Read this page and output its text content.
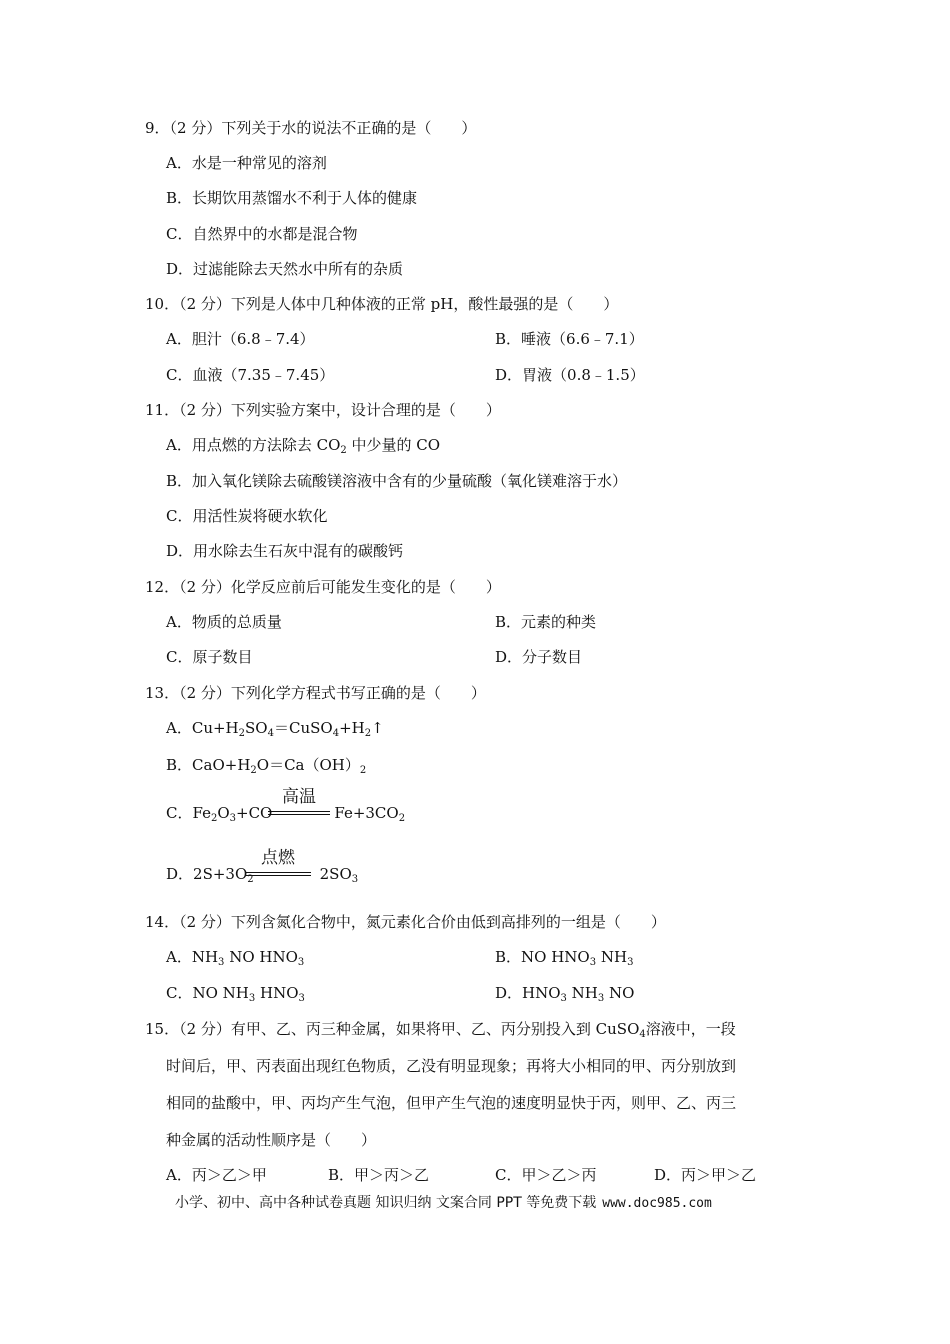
9．（2 分）下列关于水的说法不正确的是（　　）
A．水是一种常见的溶剂
B．长期饮用蒸馏水不利于人体的健康
C．自然界中的水都是混合物
D．过滤能除去天然水中所有的杂质
10．（2 分）下列是人体中几种体液的正常 pH，酸性最强的是（　　）
A．胆汁（6.8﹣7.4）	B．唾液（6.6﹣7.1）
C．血液（7.35﹣7.45）	D．胃液（0.8﹣1.5）
11．（2 分）下列实验方案中，设计合理的是（　　）
A．用点燃的方法除去 $CO_2$ 中少量的 CO
B．加入氧化镁除去硫酸镁溶液中含有的少量硫酸（氧化镁难溶于水）
C．用活性炭将硬水软化
D．用水除去生石灰中混有的碳酸钙
12．（2 分）化学反应前后可能发生变化的是（　　）
A．物质的总质量	B．元素的种类
C．原子数目	D．分子数目
13．（2 分）下列化学方程式书写正确的是（　　）
A．$Cu+H_2SO_4=CuSO_4+H_2↑$
B．$CaO+H_2O=Ca(OH)_2$
C．$Fe_2O_3+CO$	$Fe+3CO_2$
高温
D．$2S+3O_2$	$2SO_3$
点燃
14．（2 分）下列含氮化合物中，氮元素化合价由低到高排列的一组是（　　）
A．$NH_3$ NO $HNO_3$	B．NO $HNO_3$ $NH_3$
C．NO $NH_3$ $HNO_3$	D．$HNO_3$ $NH_3$ NO
15．（2 分）有甲、乙、丙三种金属，如果将甲、乙、丙分别投入到 CuSO$_4$溶液中，一段
时间后，甲、丙表面出现红色物质，乙没有明显现象；再将大小相同的甲、丙分别放到
相同的盐酸中，甲、丙均产生气泡，但甲产生气泡的速度明显快于丙，则甲、乙、丙三
种金属的活动性顺序是（　　）
A．丙＞乙＞甲	B．甲＞丙＞乙	C．甲＞乙＞丙	D．丙＞甲＞乙
小学、初中、高中各种试卷真题 知识归纳 文案合同 PPT 等免费下载 www.doc985.com
